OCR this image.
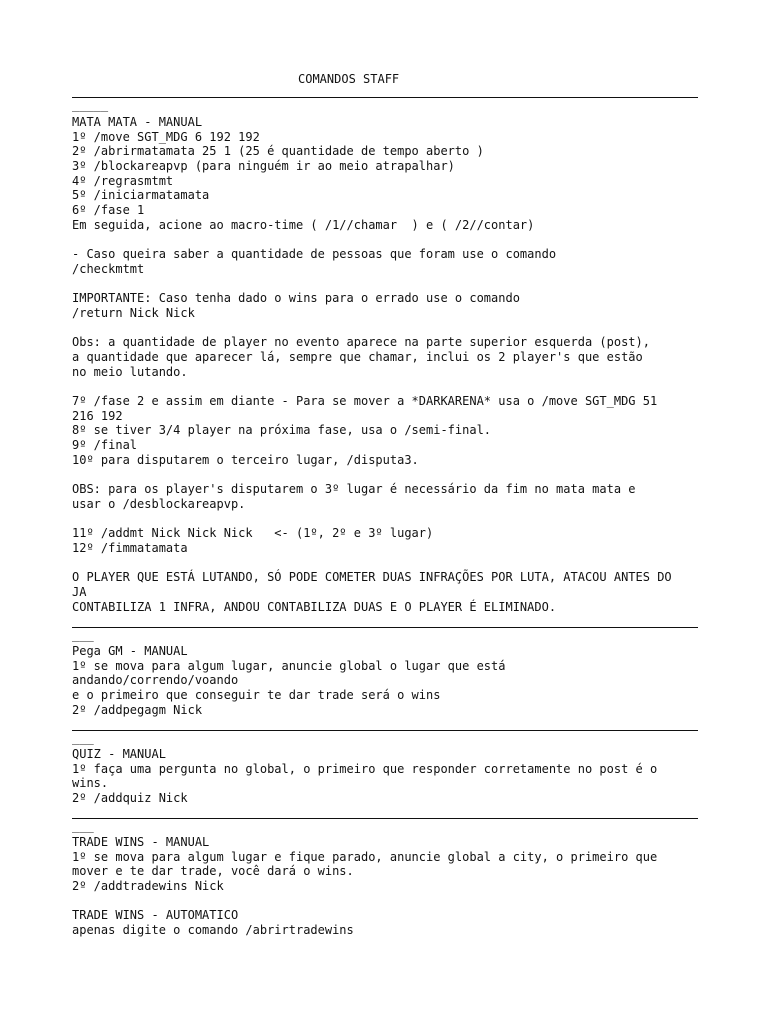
COMANDOS STAFF
_____
MATA MATA - MANUAL
1º /move SGT_MDG 6 192 192
2º /abrirmatamata 25 1 (25 é quantidade de tempo aberto )
3º /blockareapvp (para ninguém ir ao meio atrapalhar)
4º /regrasmtmt
5º /iniciarmatamata
6º /fase 1
Em seguida, acione ao macro-time ( /1//chamar  ) e ( /2//contar)
- Caso queira saber a quantidade de pessoas que foram use o comando
/checkmtmt
IMPORTANTE: Caso tenha dado o wins para o errado use o comando
/return Nick Nick
Obs: a quantidade de player no evento aparece na parte superior esquerda (post),
a quantidade que aparecer lá, sempre que chamar, inclui os 2 player's que estão
no meio lutando.
7º /fase 2 e assim em diante - Para se mover a *DARKARENA* usa o /move SGT_MDG 51
216 192
8º se tiver 3/4 player na próxima fase, usa o /semi-final.
9º /final
10º para disputarem o terceiro lugar, /disputa3.
OBS: para os player's disputarem o 3º lugar é necessário da fim no mata mata e
usar o /desblockareapvp.
11º /addmt Nick Nick Nick   <- (1º, 2º e 3º lugar)
12º /fimmatamata
O PLAYER QUE ESTÁ LUTANDO, SÓ PODE COMETER DUAS INFRAÇÕES POR LUTA, ATACOU ANTES DO
JA
CONTABILIZA 1 INFRA, ANDOU CONTABILIZA DUAS E O PLAYER É ELIMINADO.
___
Pega GM - MANUAL
1º se mova para algum lugar, anuncie global o lugar que está
andando/correndo/voando
e o primeiro que conseguir te dar trade será o wins
2º /addpegagm Nick
___
QUIZ - MANUAL
1º faça uma pergunta no global, o primeiro que responder corretamente no post é o
wins.
2º /addquiz Nick
___
TRADE WINS - MANUAL
1º se mova para algum lugar e fique parado, anuncie global a city, o primeiro que
mover e te dar trade, você dará o wins.
2º /addtradewins Nick
TRADE WINS - AUTOMATICO
apenas digite o comando /abrirtradewins
